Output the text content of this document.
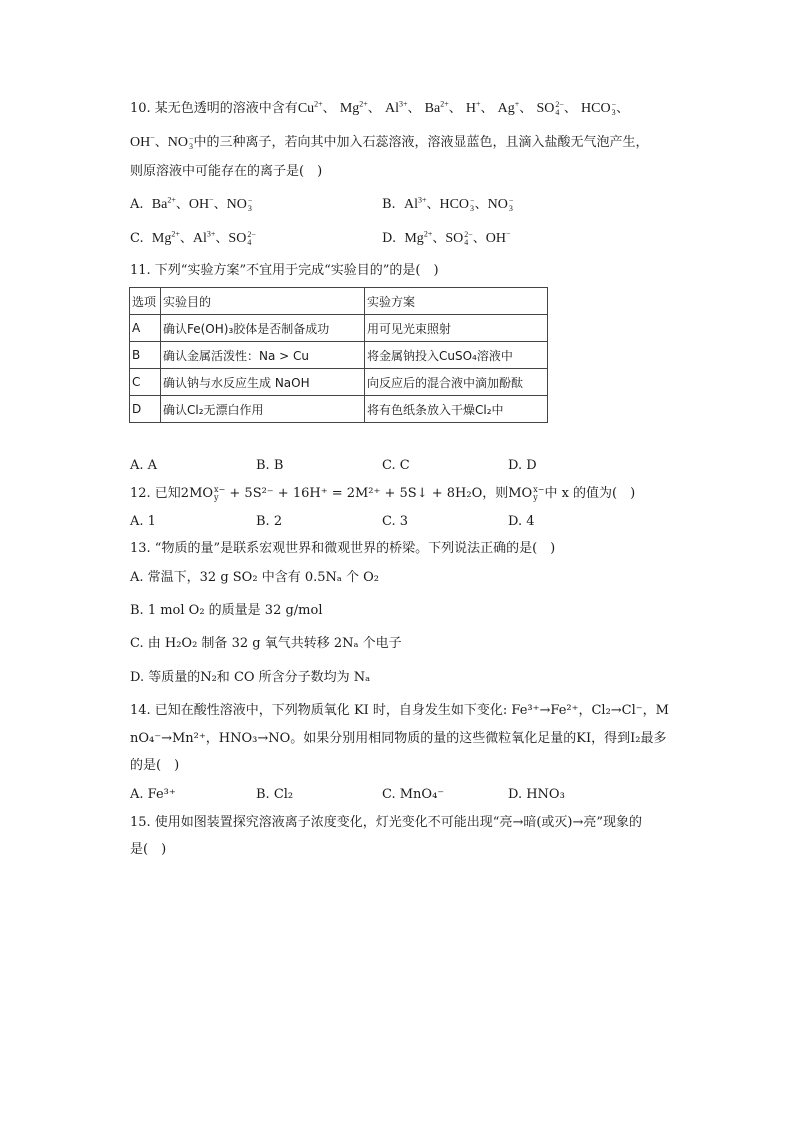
10. 某无色透明的溶液中含有$Cu^{2+}$、 $Mg^{2+}$、 $Al^{3+}$、 $Ba^{2+}$、 H+、 Ag+、 SO 2−
4 、 HCO −
3 、
OH−、NO −
3 中的三种离子，若向其中加入石蕊溶液，溶液显蓝色，且滴入盐酸无气泡产生，
则原溶液中可能存在的离子是(　)
A. $Ba^{2+}$、OH−、NO −
3	B. $Al^{3+}$、HCO −
3 、NO −
3
C. $Mg^{2+}$、$Al^{3+}$、SO 2−
4	D. $Mg^{2+}$、SO 2−
4 、OH−
11. 下列“实验方案”不宜用于完成“实验目的”的是(　)
选项	实验目的	实验方案
A	确认Fe(OH)₃胶体是否制备成功	用可见光束照射
B	确认金属活泼性：Na > Cu	将金属钠投入CuSO₄溶液中
C	确认钠与水反应生成 NaOH	向反应后的混合液中滴加酚酞
D	确认Cl₂无漂白作用	将有色纸条放入干燥Cl₂中
A. A	B. B	C. C	D. D
12. 已知2MO x−
y + 5S²⁻ + 16H⁺ = 2M²⁺ + 5S↓ + 8H₂O，则MO x−
y 中 x 的值为(　)
A. 1	B. 2	C. 3	D. 4
13. “物质的量”是联系宏观世界和微观世界的桥梁。下列说法正确的是(　)
A. 常温下，32 g SO₂ 中含有 0.5Nₐ 个 O₂
B. 1 mol O₂ 的质量是 32 g/mol
C. 由 H₂O₂ 制备 32 g 氧气共转移 2Nₐ 个电子
D. 等质量的N₂和 CO 所含分子数均为 Nₐ
14. 已知在酸性溶液中，下列物质氧化 KI 时，自身发生如下变化: Fe³⁺→Fe²⁺，Cl₂→Cl⁻，M
nO₄⁻→Mn²⁺，HNO₃→NO。如果分别用相同物质的量的这些微粒氧化足量的KI，得到I₂最多
的是(　)
A. Fe³⁺	B. Cl₂	C. MnO₄⁻	D. HNO₃
15. 使用如图装置探究溶液离子浓度变化，灯光变化不可能出现“亮→暗(或灭)→亮”现象的
是(　)
